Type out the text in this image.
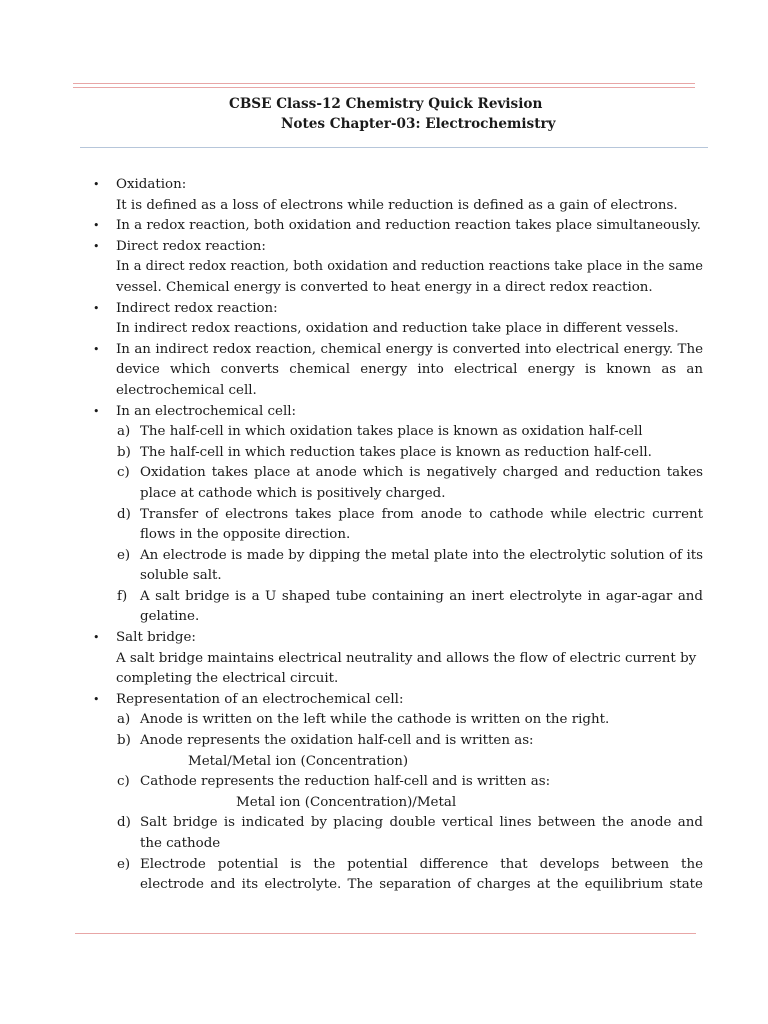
CBSE Class-12 Chemistry Quick Revision
Notes Chapter-03: Electrochemistry
• Oxidation:
It is defined as a loss of electrons while reduction is defined as a gain of electrons.
• In a redox reaction, both oxidation and reduction reaction takes place simultaneously.
• Direct redox reaction:
In a direct redox reaction, both oxidation and reduction reactions take place in the same
vessel. Chemical energy is converted to heat energy in a direct redox reaction.
• Indirect redox reaction:
In indirect redox reactions, oxidation and reduction take place in different vessels.
• In an indirect redox reaction, chemical energy is converted into electrical energy. The
device which converts chemical energy into electrical energy is known as an
electrochemical cell.
• In an electrochemical cell:
a) The half-cell in which oxidation takes place is known as oxidation half-cell
b) The half-cell in which reduction takes place is known as reduction half-cell.
c) Oxidation takes place at anode which is negatively charged and reduction takes
place at cathode which is positively charged.
d) Transfer of electrons takes place from anode to cathode while electric current
flows in the opposite direction.
e) An electrode is made by dipping the metal plate into the electrolytic solution of its
soluble salt.
f) A salt bridge is a U shaped tube containing an inert electrolyte in agar-agar and
gelatine.
• Salt bridge:
A salt bridge maintains electrical neutrality and allows the flow of electric current by
completing the electrical circuit.
• Representation of an electrochemical cell:
a) Anode is written on the left while the cathode is written on the right.
b) Anode represents the oxidation half-cell and is written as:
Metal/Metal ion (Concentration)
c) Cathode represents the reduction half-cell and is written as:
Metal ion (Concentration)/Metal
d) Salt bridge is indicated by placing double vertical lines between the anode and
the cathode
e) Electrode potential is the potential difference that develops between the
electrode and its electrolyte. The separation of charges at the equilibrium state
